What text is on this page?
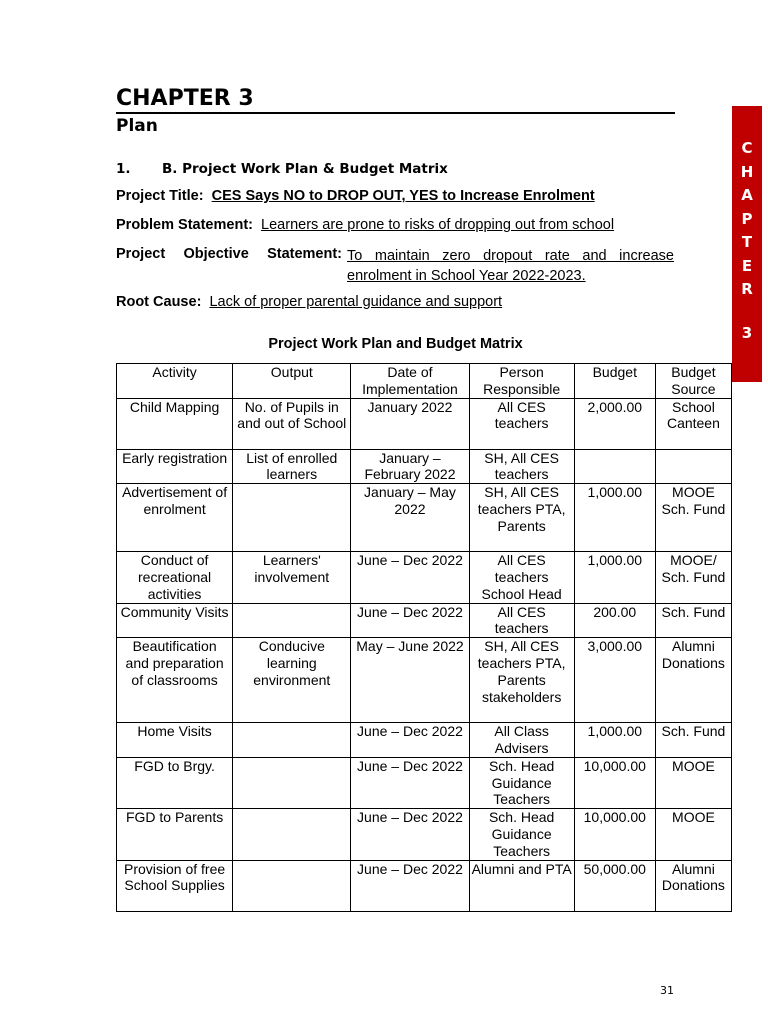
CHAPTER 3
Plan
1. B. Project Work Plan & Budget Matrix
Project Title: CES Says NO to DROP OUT, YES to Increase Enrolment
Problem Statement: Learners are prone to risks of dropping out from school
Project Objective Statement: To maintain zero dropout rate and increase enrolment in School Year 2022-2023.
Root Cause: Lack of proper parental guidance and support
Project Work Plan and Budget Matrix
Activity	Output	Date of Implementation	Person Responsible	Budget	Budget Source
Child Mapping	No. of Pupils in and out of School	January 2022	All CES teachers	2,000.00	School Canteen
Early registration	List of enrolled learners	January – February 2022	SH, All CES teachers		
Advertisement of enrolment		January – May 2022	SH, All CES teachers PTA, Parents	1,000.00	MOOE Sch. Fund
Conduct of recreational activities	Learners' involvement	June – Dec 2022	All CES teachers School Head	1,000.00	MOOE/ Sch. Fund
Community Visits		June – Dec 2022	All CES teachers	200.00	Sch. Fund
Beautification and preparation of classrooms	Conducive learning environment	May – June 2022	SH, All CES teachers PTA, Parents stakeholders	3,000.00	Alumni Donations
Home Visits		June – Dec 2022	All Class Advisers	1,000.00	Sch. Fund
FGD to Brgy.		June – Dec 2022	Sch. Head Guidance Teachers	10,000.00	MOOE
FGD to Parents		June – Dec 2022	Sch. Head Guidance Teachers	10,000.00	MOOE
Provision of free School Supplies		June – Dec 2022	Alumni and PTA	50,000.00	Alumni Donations
C
H
A
P
T
E
R
3
31
